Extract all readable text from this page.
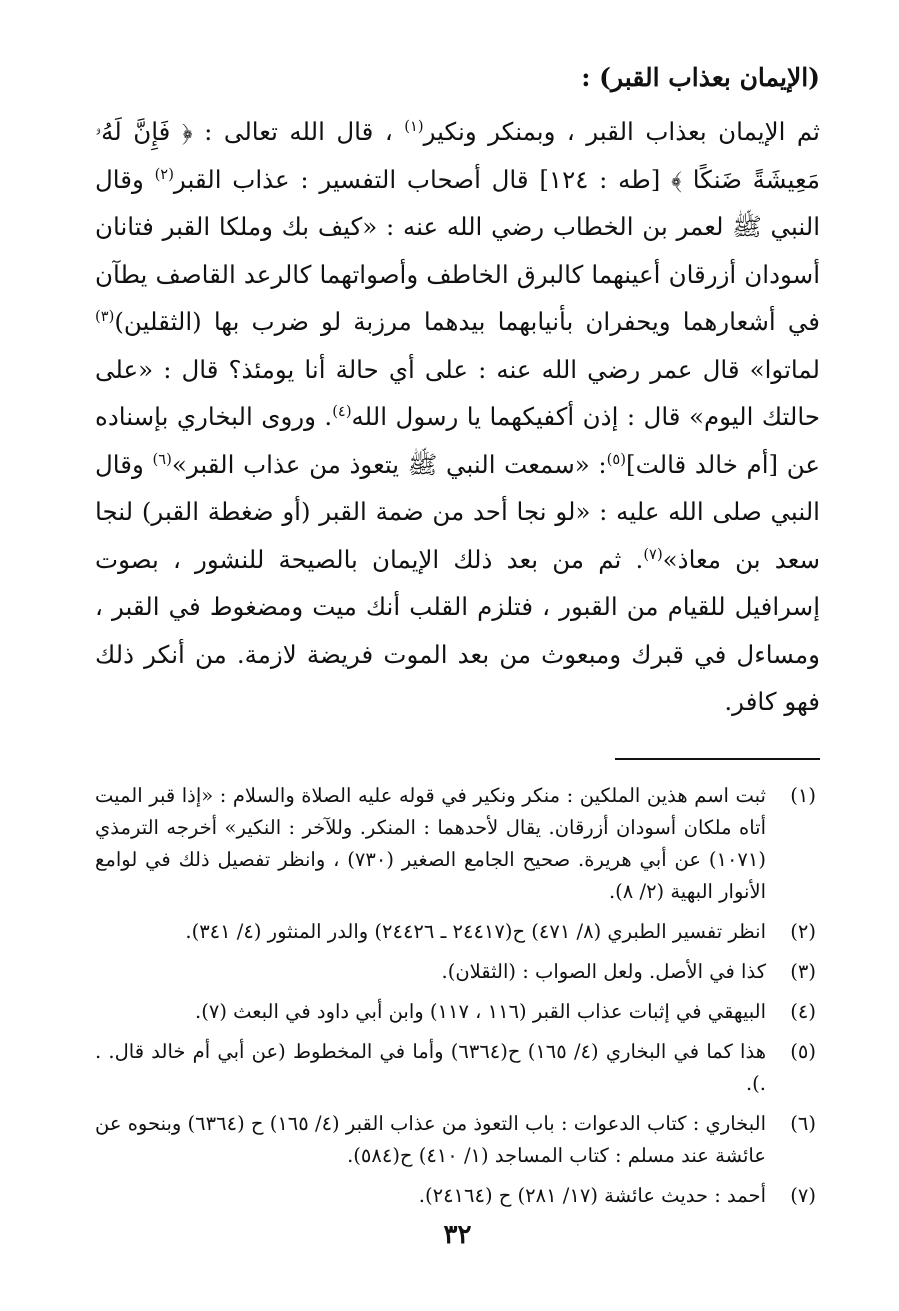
(الإيمان بعذاب القبر) :

ثم الإيمان بعذاب القبر ، وبمنكر ونكير$^{(١)}$ ، قال الله تعالى : ﴿ فَإِنَّ لَهُۥ مَعِيشَةً ضَنكًا ﴾ [طه : ١٢٤] قال أصحاب التفسير : عذاب القبر$^{(٢)}$ وقال النبي ﷺ لعمر بن الخطاب رضي الله عنه : «كيف بك وملكا القبر فتانان أسودان أزرقان أعينهما كالبرق الخاطف وأصواتهما كالرعد القاصف يطآن في أشعارهما ويحفران بأنيابهما بيدهما مرزبة لو ضرب بها (الثقلين)$^{(٣)}$ لماتوا» قال عمر رضي الله عنه : على أي حالة أنا يومئذ؟ قال : «على حالتك اليوم» قال : إذن أكفيكهما يا رسول الله$^{(٤)}$. وروى البخاري بإسناده عن [أم خالد قالت]$^{(٥)}$: «سمعت النبي ﷺ يتعوذ من عذاب القبر»$^{(٦)}$ وقال النبي صلى الله عليه : «لو نجا أحد من ضمة القبر (أو ضغطة القبر) لنجا سعد بن معاذ»$^{(٧)}$. ثم من بعد ذلك الإيمان بالصيحة للنشور ، بصوت إسرافيل للقيام من القبور ، فتلزم القلب أنك ميت ومضغوط في القبر ، ومساءل في قبرك ومبعوث من بعد الموت فريضة لازمة. من أنكر ذلك فهو كافر.

(١)
ثبت اسم هذين الملكين : منكر ونكير في قوله عليه الصلاة والسلام : «إذا قبر الميت أتاه ملكان أسودان أزرقان. يقال لأحدهما : المنكر. وللآخر : النكير» أخرجه الترمذي (١٠٧١) عن أبي هريرة. صحيح الجامع الصغير (٧٣٠) ، وانظر تفصيل ذلك في لوامع الأنوار البهية (٢/ ٨).
(٢)
انظر تفسير الطبري (٨/ ٤٧١) ح(٢٤٤١٧ ـ ٢٤٤٢٦) والدر المنثور (٤/ ٣٤١).
(٣)
كذا في الأصل. ولعل الصواب : (الثقلان).
(٤)
البيهقي في إثبات عذاب القبر (١١٦ ، ١١٧) وابن أبي داود في البعث (٧).
(٥)
هذا كما في البخاري (٤/ ١٦٥) ح(٦٣٦٤) وأما في المخطوط (عن أبي أم خالد قال. . .).
(٦)
البخاري : كتاب الدعوات : باب التعوذ من عذاب القبر (٤/ ١٦٥) ح (٦٣٦٤) وبنحوه عن عائشة عند مسلم : كتاب المساجد (١/ ٤١٠) ح(٥٨٤).
(٧)
أحمد : حديث عائشة (١٧/ ٢٨١) ح (٢٤١٦٤).
٣٢
